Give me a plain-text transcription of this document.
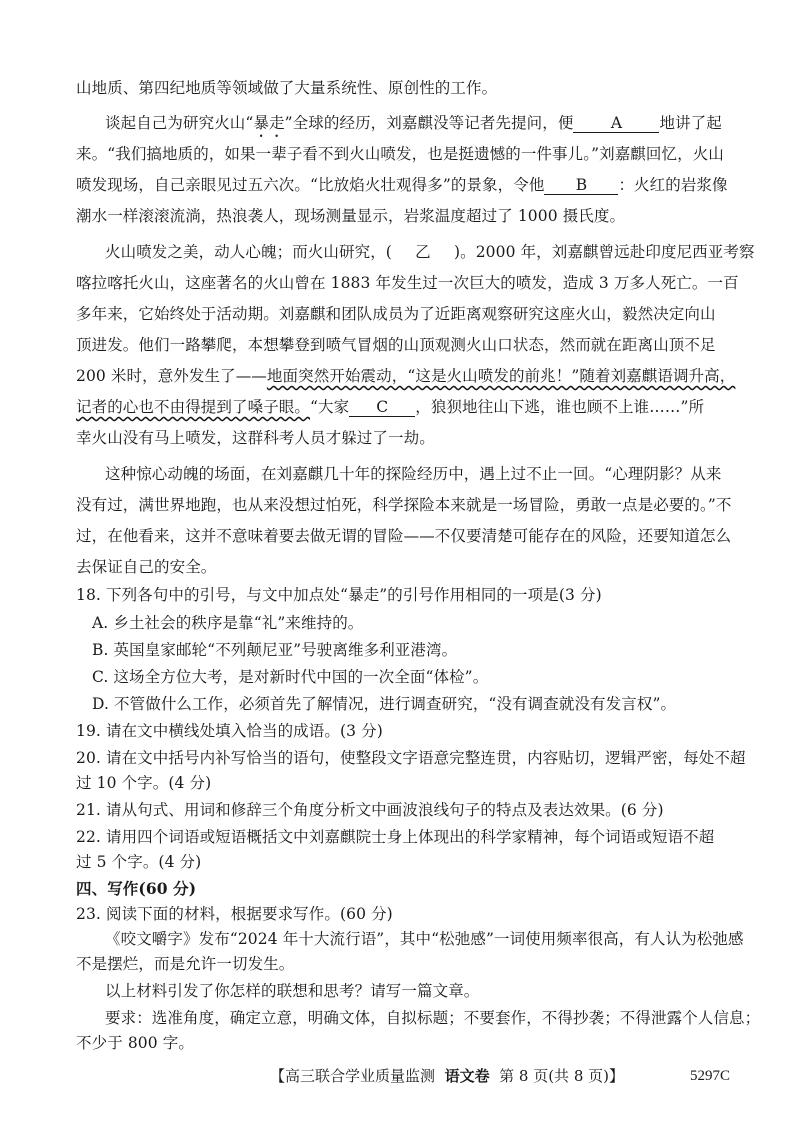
山地质、第四纪地质等领域做了大量系统性、原创性的工作。
谈起自己为研究火山“暴走”全球的经历，刘嘉麒没等记者先提问，便 A 地讲了起
来。“我们搞地质的，如果一辈子看不到火山喷发，也是挺遗憾的一件事儿。”刘嘉麒回忆，火山
喷发现场，自己亲眼见过五六次。“比放焰火壮观得多”的景象，令他 B ：火红的岩浆像
潮水一样滚滚流淌，热浪袭人，现场测量显示，岩浆温度超过了 1000 摄氏度。
火山喷发之美，动人心魄；而火山研究，( 乙 )。2000 年，刘嘉麒曾远赴印度尼西亚考察
喀拉喀托火山，这座著名的火山曾在 1883 年发生过一次巨大的喷发，造成 3 万多人死亡。一百
多年来，它始终处于活动期。刘嘉麒和团队成员为了近距离观察研究这座火山，毅然决定向山
顶进发。他们一路攀爬，本想攀登到喷气冒烟的山顶观测火山口状态，然而就在距离山顶不足
200 米时，意外发生了——地面突然开始震动，“这是火山喷发的前兆！”随着刘嘉麒语调升高，
记者的心也不由得提到了嗓子眼。“大家 C ，狼狈地往山下逃，谁也顾不上谁……”所
幸火山没有马上喷发，这群科考人员才躲过了一劫。
这种惊心动魄的场面，在刘嘉麒几十年的探险经历中，遇上过不止一回。“心理阴影？从来
没有过，满世界地跑，也从来没想过怕死，科学探险本来就是一场冒险，勇敢一点是必要的。”不
过，在他看来，这并不意味着要去做无谓的冒险——不仅要清楚可能存在的风险，还要知道怎么
去保证自己的安全。
18. 下列各句中的引号，与文中加点处“暴走”的引号作用相同的一项是(3 分)
A. 乡土社会的秩序是靠“礼”来维持的。
B. 英国皇家邮轮“不列颠尼亚”号驶离维多利亚港湾。
C. 这场全方位大考，是对新时代中国的一次全面“体检”。
D. 不管做什么工作，必须首先了解情况，进行调查研究，“没有调查就没有发言权”。
19. 请在文中横线处填入恰当的成语。(3 分)
20. 请在文中括号内补写恰当的语句，使整段文字语意完整连贯，内容贴切，逻辑严密，每处不超
过 10 个字。(4 分)
21. 请从句式、用词和修辞三个角度分析文中画波浪线句子的特点及表达效果。(6 分)
22. 请用四个词语或短语概括文中刘嘉麒院士身上体现出的科学家精神，每个词语或短语不超
过 5 个字。(4 分)
四、写作(60 分)
23. 阅读下面的材料，根据要求写作。(60 分)
《咬文嚼字》发布“2024 年十大流行语”，其中“松弛感”一词使用频率很高，有人认为松弛感
不是摆烂，而是允许一切发生。
以上材料引发了你怎样的联想和思考？请写一篇文章。
要求：选准角度，确定立意，明确文体，自拟标题；不要套作，不得抄袭；不得泄露个人信息；
不少于 800 字。
【高三联合学业质量监测 语文卷 第 8 页(共 8 页)】	5297C
